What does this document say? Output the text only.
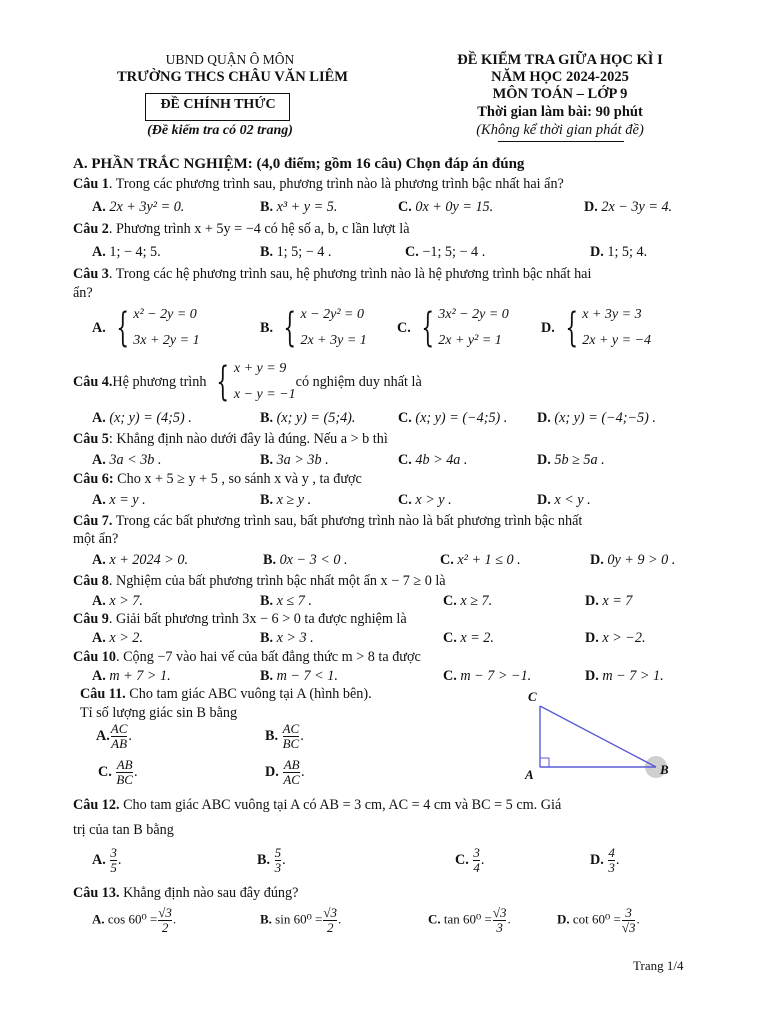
UBND QUẬN Ô MÔN
TRƯỜNG THCS CHÂU VĂN LIÊM
ĐỀ CHÍNH THỨC
(Đề kiểm tra có 02 trang)
ĐỀ KIỂM TRA GIỮA HỌC KÌ I
NĂM HỌC 2024-2025
MÔN TOÁN – LỚP 9
Thời gian làm bài: 90 phút
(Không kể thời gian phát đề)
A. PHẦN TRẮC NGHIỆM: (4,0 điểm; gồm 16 câu) Chọn đáp án đúng
Câu 1. Trong các phương trình sau, phương trình nào là phương trình bậc nhất hai ẩn?
A. 2x + 3y² = 0.	B. x³ + y = 5.	C. 0x + 0y = 15.	D. 2x − 3y = 4.
Câu 2. Phương trình x + 5y = −4 có hệ số a, b, c lần lượt là
A. 1; − 4; 5.	B. 1; 5; − 4 .	C. −1; 5; − 4 .	D. 1; 5; 4.
Câu 3. Trong các hệ phương trình sau, hệ phương trình nào là hệ phương trình bậc nhất hai
ẩn?
A. { x² − 2y = 0
3x + 2y = 1
B. { x − 2y² = 0
2x + 3y = 1
C. { 3x² − 2y = 0
2x + y² = 1
D. { x + 3y = 3
2x + y = −4
Câu 4. Hệ phương trình { x + y = 9
x − y = −1
có nghiệm duy nhất là
A. (x; y) = (4;5) .	B. (x; y) = (5;4).	C. (x; y) = (−4;5) . D. (x; y) = (−4;−5) .
Câu 5: Khẳng định nào dưới đây là đúng. Nếu a > b thì
A. 3a < 3b .	B. 3a > 3b .	C. 4b > 4a .	D. 5b ≥ 5a .
Câu 6: Cho x + 5 ≥ y + 5 , so sánh x và y , ta được
A. x = y .	B. x ≥ y .	C. x > y .	D. x < y .
Câu 7. Trong các bất phương trình sau, bất phương trình nào là bất phương trình bậc nhất
một ẩn?
A. x + 2024 > 0.	B. 0x − 3 < 0 .	C. x² + 1 ≤ 0 .	D. 0y + 9 > 0 .
Câu 8. Nghiệm của bất phương trình bậc nhất một ẩn x − 7 ≥ 0 là
A. x > 7.	B. x ≤ 7 .	C. x ≥ 7.	D. x = 7
Câu 9. Giải bất phương trình 3x − 6 > 0 ta được nghiệm là
A. x > 2.	B. x > 3 .	C. x = 2.	D. x > −2.
Câu 10. Cộng −7 vào hai vế của bất đẳng thức m > 8 ta được
A. m + 7 > 1.	B. m − 7 < 1.	C. m − 7 > −1.	D. m − 7 > 1.
Câu 11. Cho tam giác ABC vuông tại A (hình bên).
Tỉ số lượng giác sin B bằng
A. $\frac{AC}{AB}$ .	B. $\frac{AC}{BC}$ .
C. $\frac{AB}{BC}$ .	D. $\frac{AB}{AC}$ .
C
A	B
Câu 12. Cho tam giác ABC vuông tại A có AB = 3 cm, AC = 4 cm và BC = 5 cm. Giá
trị của tan B bằng
A. $\frac{3}{5}$ .	B. $\frac{5}{3}$ .	C. $\frac{3}{4}$ .	D. $\frac{4}{3}$ .
Câu 13. Khẳng định nào sau đây đúng?
A. $\cos 60^0 = \frac{√3}{2}$ .	B. $\sin 60^0 = \frac{√3}{2}$ .	C. $\tan 60^0 = \frac{√3}{3}$ .	D. $\cot 60^0 = \frac{3}{√3}$ .
Trang 1/4
